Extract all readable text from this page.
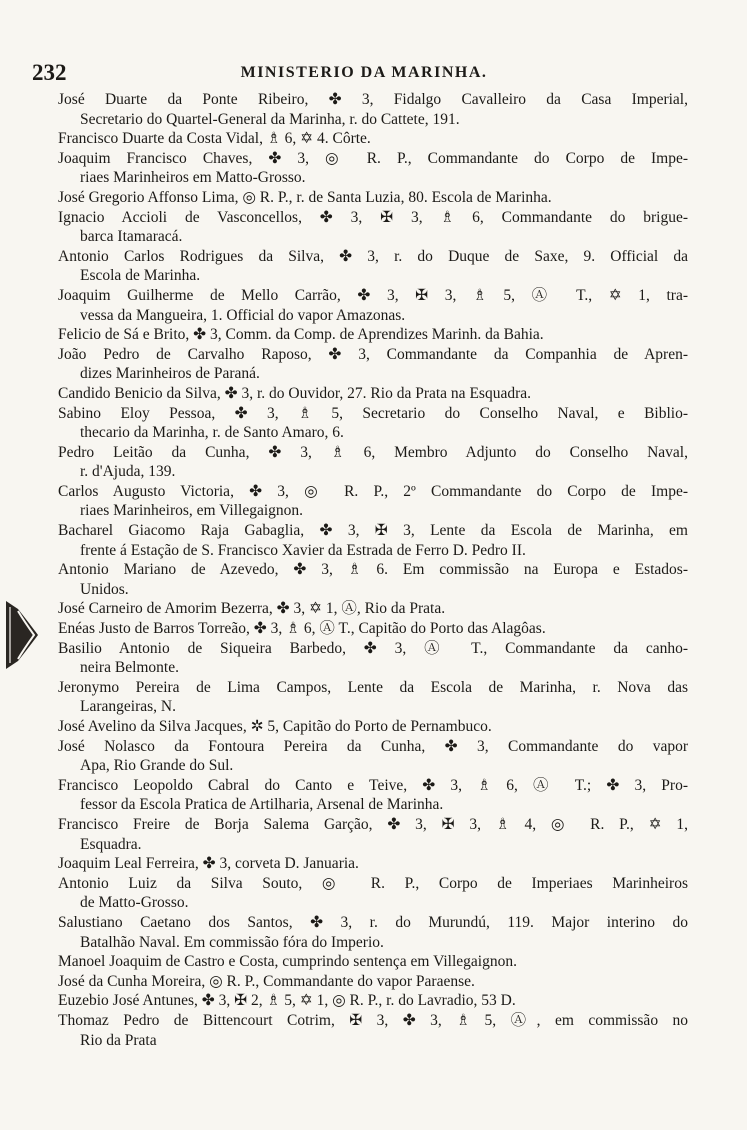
232	MINISTERIO DA MARINHA.
José Duarte da Ponte Ribeiro, ✤ 3, Fidalgo Cavalleiro da Casa Imperial,
Secretario do Quartel-General da Marinha, r. do Cattete, 191.
Francisco Duarte da Costa Vidal, ♗ 6, ✡ 4. Côrte.
Joaquim Francisco Chaves, ✤ 3, ◎ R. P., Commandante do Corpo de Impe-
riaes Marinheiros em Matto-Grosso.
José Gregorio Affonso Lima, ◎ R. P., r. de Santa Luzia, 80. Escola de Marinha.
Ignacio Accioli de Vasconcellos, ✤ 3, ✠ 3, ♗ 6, Commandante do brigue-
barca Itamaracá.
Antonio Carlos Rodrigues da Silva, ✤ 3, r. do Duque de Saxe, 9. Official da
Escola de Marinha.
Joaquim Guilherme de Mello Carrão, ✤ 3, ✠ 3, ♗ 5, Ⓐ T., ✡ 1, tra-
vessa da Mangueira, 1. Official do vapor Amazonas.
Felicio de Sá e Brito, ✤ 3, Comm. da Comp. de Aprendizes Marinh. da Bahia.
João Pedro de Carvalho Raposo, ✤ 3, Commandante da Companhia de Apren-
dizes Marinheiros de Paraná.
Candido Benicio da Silva, ✤ 3, r. do Ouvidor, 27. Rio da Prata na Esquadra.
Sabino Eloy Pessoa, ✤ 3, ♗ 5, Secretario do Conselho Naval, e Biblio-
thecario da Marinha, r. de Santo Amaro, 6.
Pedro Leitão da Cunha, ✤ 3, ♗ 6, Membro Adjunto do Conselho Naval,
r. d'Ajuda, 139.
Carlos Augusto Victoria, ✤ 3, ◎ R. P., 2º Commandante do Corpo de Impe-
riaes Marinheiros, em Villegaignon.
Bacharel Giacomo Raja Gabaglia, ✤ 3, ✠ 3, Lente da Escola de Marinha, em
frente á Estação de S. Francisco Xavier da Estrada de Ferro D. Pedro II.
Antonio Mariano de Azevedo, ✤ 3, ♗ 6. Em commissão na Europa e Estados-
Unidos.
José Carneiro de Amorim Bezerra, ✤ 3, ✡ 1, Ⓐ, Rio da Prata.
Enéas Justo de Barros Torreão, ✤ 3, ♗ 6, Ⓐ T., Capitão do Porto das Alagôas.
Basilio Antonio de Siqueira Barbedo, ✤ 3, Ⓐ T., Commandante da canho-
neira Belmonte.
Jeronymo Pereira de Lima Campos, Lente da Escola de Marinha, r. Nova das
Larangeiras, N.
José Avelino da Silva Jacques, ✲ 5, Capitão do Porto de Pernambuco.
José Nolasco da Fontoura Pereira da Cunha, ✤ 3, Commandante do vapor
Apa, Rio Grande do Sul.
Francisco Leopoldo Cabral do Canto e Teive, ✤ 3, ♗ 6, Ⓐ T.; ✤ 3, Pro-
fessor da Escola Pratica de Artilharia, Arsenal de Marinha.
Francisco Freire de Borja Salema Garção, ✤ 3, ✠ 3, ♗ 4, ◎ R. P., ✡ 1,
Esquadra.
Joaquim Leal Ferreira, ✤ 3, corveta D. Januaria.
Antonio Luiz da Silva Souto, ◎ R. P., Corpo de Imperiaes Marinheiros
de Matto-Grosso.
Salustiano Caetano dos Santos, ✤ 3, r. do Murundú, 119. Major interino do
Batalhão Naval. Em commissão fóra do Imperio.
Manoel Joaquim de Castro e Costa, cumprindo sentença em Villegaignon.
José da Cunha Moreira, ◎ R. P., Commandante do vapor Paraense.
Euzebio José Antunes, ✤ 3, ✠ 2, ♗ 5, ✡ 1, ◎ R. P., r. do Lavradio, 53 D.
Thomaz Pedro de Bittencourt Cotrim, ✠ 3, ✤ 3, ♗ 5, Ⓐ, em commissão no
Rio da Prata
